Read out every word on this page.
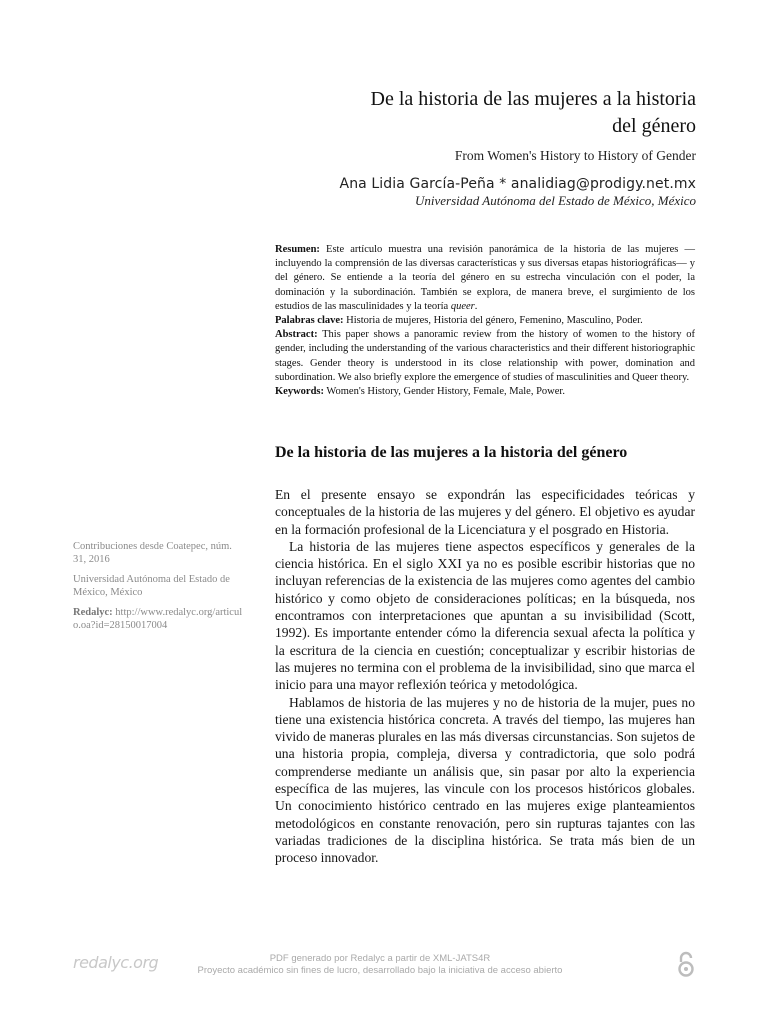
De la historia de las mujeres a la historia
del género
From Women's History to History of Gender
Ana Lidia García-Peña * analidiag@prodigy.net.mx
Universidad Autónoma del Estado de México, México

Resumen: Este artículo muestra una revisión panorámica de la historia de las mujeres —incluyendo la comprensión de las diversas características y sus diversas etapas historiográficas— y del género. Se entiende a la teoría del género en su estrecha vinculación con el poder, la dominación y la subordinación. También se explora, de manera breve, el surgimiento de los estudios de las masculinidades y la teoría queer.

Palabras clave: Historia de mujeres, Historia del género, Femenino, Masculino, Poder.

Abstract: This paper shows a panoramic review from the history of women to the history of gender, including the understanding of the various characteristics and their different historiographic stages. Gender theory is understood in its close relationship with power, domination and subordination. We also briefly explore the emergence of studies of masculinities and Queer theory.

Keywords: Women's History, Gender History, Female, Male, Power.

De la historia de las mujeres a la historia del género

En el presente ensayo se expondrán las especificidades teóricas y conceptuales de la historia de las mujeres y del género. El objetivo es ayudar en la formación profesional de la Licenciatura y el posgrado en Historia.

La historia de las mujeres tiene aspectos específicos y generales de la ciencia histórica. En el siglo XXI ya no es posible escribir historias que no incluyan referencias de la existencia de las mujeres como agentes del cambio histórico y como objeto de consideraciones políticas; en la búsqueda, nos encontramos con interpretaciones que apuntan a su invisibilidad (Scott, 1992). Es importante entender cómo la diferencia sexual afecta la política y la escritura de la ciencia en cuestión; conceptualizar y escribir historias de las mujeres no termina con el problema de la invisibilidad, sino que marca el inicio para una mayor reflexión teórica y metodológica.

Hablamos de historia de las mujeres y no de historia de la mujer, pues no tiene una existencia histórica concreta. A través del tiempo, las mujeres han vivido de maneras plurales en las más diversas circunstancias. Son sujetos de una historia propia, compleja, diversa y contradictoria, que solo podrá comprenderse mediante un análisis que, sin pasar por alto la experiencia específica de las mujeres, las vincule con los procesos históricos globales. Un conocimiento histórico centrado en las mujeres exige planteamientos metodológicos en constante renovación, pero sin rupturas tajantes con las variadas tradiciones de la disciplina histórica. Se trata más bien de un proceso innovador.

Contribuciones desde Coatepec, núm. 31, 2016
Universidad Autónoma del Estado de México, México
Redalyc: http://www.redalyc.org/articulo.oa?id=28150017004
redalyc.org	PDF generado por Redalyc a partir de XML-JATS4R
Proyecto académico sin fines de lucro, desarrollado bajo la iniciativa de acceso abierto
